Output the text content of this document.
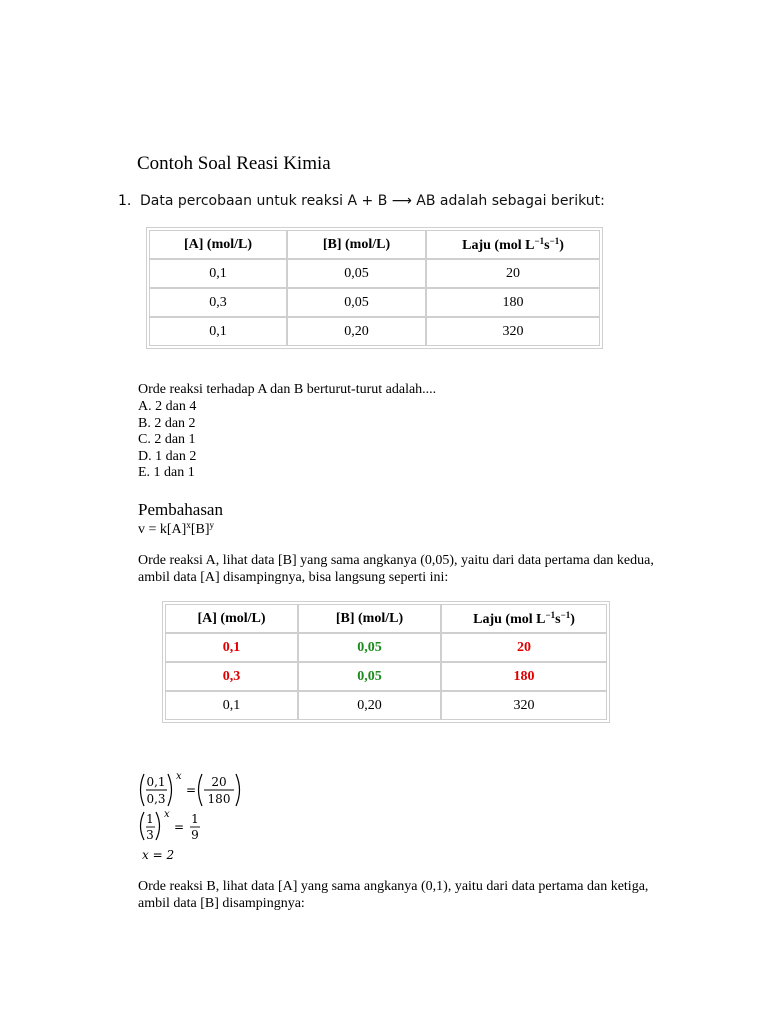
Contoh Soal Reasi Kimia
1. Data percobaan untuk reaksi A + B ⟶ AB adalah sebagai berikut:
[A] (mol/L)	[B] (mol/L)	Laju (mol $L^{-1}s^{-1}$)
0,1	0,05	20
0,3	0,05	180
0,1	0,20	320
Orde reaksi terhadap A dan B berturut-turut adalah....
A. 2 dan 4
B. 2 dan 2
C. 2 dan 1
D. 1 dan 2
E. 1 dan 1
Pembahasan
$v = k[A]^x[B]^y$
Orde reaksi A, lihat data [B] yang sama angkanya (0,05), yaitu dari data pertama dan kedua, ambil data [A] disampingnya, bisa langsung seperti ini:
[A] (mol/L)	[B] (mol/L)	Laju (mol $L^{-1}s^{-1}$)
0,1	0,05	20
0,3	0,05	180
0,1	0,20	320
0,1
0,3
x
=
20
180
1
3
x
=
1
9
x = 2
Orde reaksi B, lihat data [A] yang sama angkanya (0,1), yaitu dari data pertama dan ketiga, ambil data [B] disampingnya:
